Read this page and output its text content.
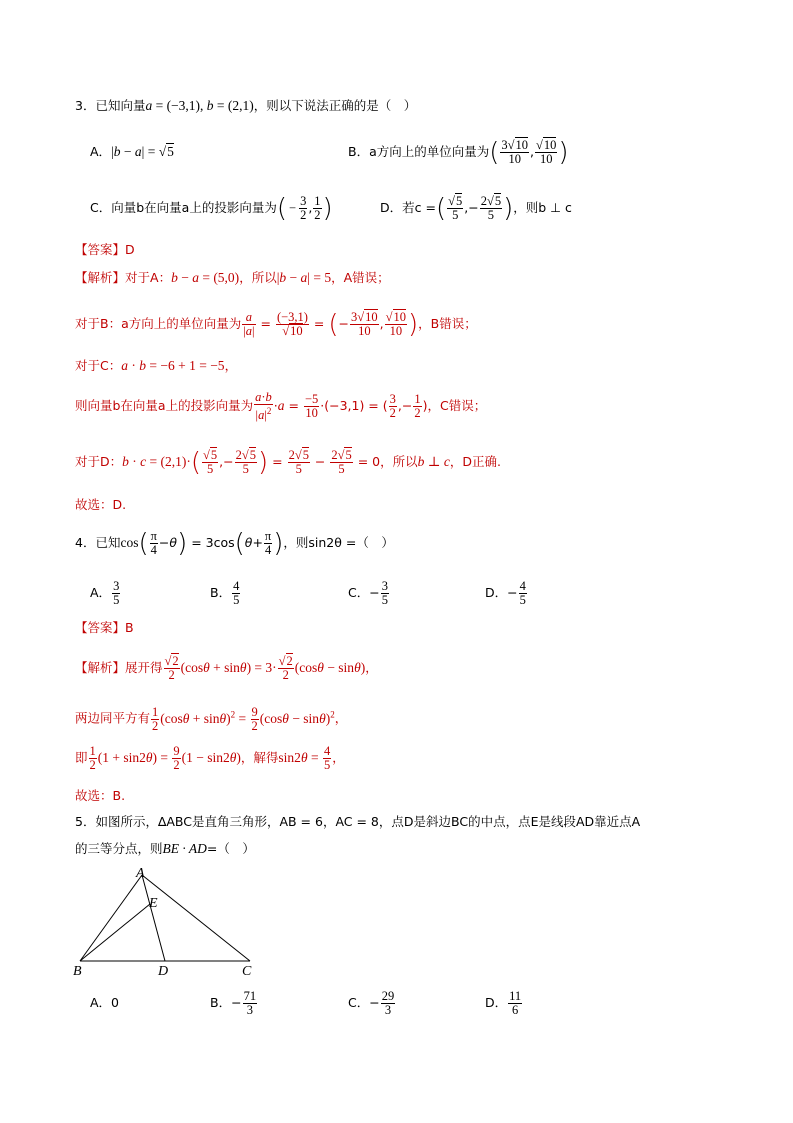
3．已知向量a = (−3,1), b = (2,1)，则以下说法正确的是（　）
A．|b − a| = √5	B．a方向上的单位向量为( $\frac{3√10}{10}$ , $\frac{√10}{10}$ )
C．向量b在向量a上的投影向量为( − $\frac{3}{2}$ , $\frac{1}{2}$ )	D．若c =( $\frac{√5}{5}$ ,− $\frac{2√5}{5}$ )，则b ⊥ c
【答案】D
【解析】对于A：b − a = (5,0)，所以|b − a| = 5，A错误；
对于B：a方向上的单位向量为 $\frac{a}{|a|} = \frac{(-3,1)}{√10}$ = (− $\frac{3√10}{10}$ , $\frac{√10}{10}$ )，B错误；
对于C：a · b = −6 + 1 = −5，
则向量b在向量a上的投影向量为 $\frac{a\cdot b}{|a|^2} \cdot a = \frac{-5}{10} \cdot(-3,1)$ = ( $\frac{3}{2}$ ,− $\frac{1}{2}$ )，C错误；
对于D：$b \cdot c = (2,1)\cdot( \frac{√5}{5}$ ,− $\frac{2√5}{5}$ ) = $\frac{2√5}{5} - \frac{2√5}{5} = 0$，所以b ⊥ c，D正确.
故选：D.
4．已知$\cos( \frac{\pi}{4} -\theta) = 3\cos(\theta+ \frac{\pi}{4}$ )，则sin2θ =（　）
A． $\frac{3}{5}$	B． $\frac{4}{5}$	C．− $\frac{3}{5}$	D．− $\frac{4}{5}$
【答案】B
【解析】展开得 $\frac{√2}{2} (\cos\theta + \sin\theta) = 3\cdot \frac{√2}{2} (\cos\theta - \sin\theta)$，
两边同平方有 $\frac{1}{2} (\cos\theta + \sin\theta)^2 = \frac{9}{2} (\cos\theta - \sin\theta)^2$，
即 $\frac{1}{2} (1 + \sin 2\theta) = \frac{9}{2} (1 - \sin 2\theta)$，解得$\sin 2\theta = \frac{4}{5}$ ，
故选：B.
5．如图所示，∆ABC是直角三角形，AB = 6，AC = 8，点D是斜边BC的中点，点E是线段AD靠近点A
的三等分点，则BE · AD=（　）
A
E
B	D	C
A．0	B．− $\frac{71}{3}$	C．− $\frac{29}{3}$	D． $\frac{11}{6}$
